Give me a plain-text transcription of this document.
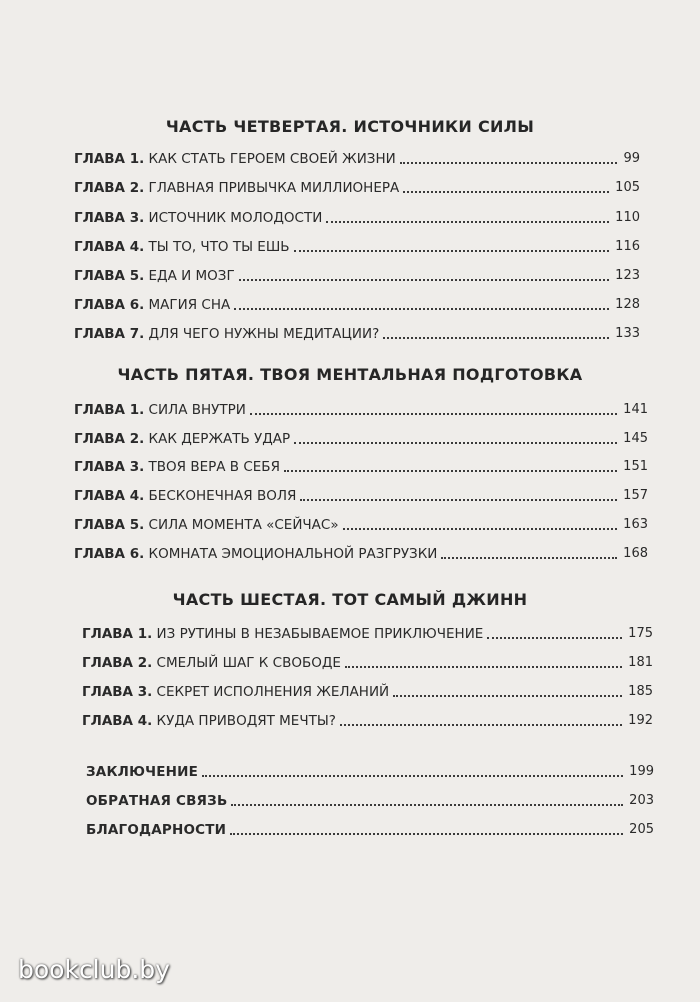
ЧАСТЬ ЧЕТВЕРТАЯ. ИСТОЧНИКИ СИЛЫ
ГЛАВА 1. КАК СТАТЬ ГЕРОЕМ СВОЕЙ ЖИЗНИ	99
ГЛАВА 2. ГЛАВНАЯ ПРИВЫЧКА МИЛЛИОНЕРА	105
ГЛАВА 3. ИСТОЧНИК МОЛОДОСТИ	110
ГЛАВА 4. ТЫ ТО, ЧТО ТЫ ЕШЬ	116
ГЛАВА 5. ЕДА И МОЗГ	123
ГЛАВА 6. МАГИЯ СНА	128
ГЛАВА 7. ДЛЯ ЧЕГО НУЖНЫ МЕДИТАЦИИ?	133
ЧАСТЬ ПЯТАЯ. ТВОЯ МЕНТАЛЬНАЯ ПОДГОТОВКА
ГЛАВА 1. СИЛА ВНУТРИ	141
ГЛАВА 2. КАК ДЕРЖАТЬ УДАР	145
ГЛАВА 3. ТВОЯ ВЕРА В СЕБЯ	151
ГЛАВА 4. БЕСКОНЕЧНАЯ ВОЛЯ	157
ГЛАВА 5. СИЛА МОМЕНТА «СЕЙЧАС»	163
ГЛАВА 6. КОМНАТА ЭМОЦИОНАЛЬНОЙ РАЗГРУЗКИ	168
ЧАСТЬ ШЕСТАЯ. ТОТ САМЫЙ ДЖИНН
ГЛАВА 1. ИЗ РУТИНЫ В НЕЗАБЫВАЕМОЕ ПРИКЛЮЧЕНИЕ	175
ГЛАВА 2. СМЕЛЫЙ ШАГ К СВОБОДЕ	181
ГЛАВА 3. СЕКРЕТ ИСПОЛНЕНИЯ ЖЕЛАНИЙ	185
ГЛАВА 4. КУДА ПРИВОДЯТ МЕЧТЫ?	192
ЗАКЛЮЧЕНИЕ	199
ОБРАТНАЯ СВЯЗЬ	203
БЛАГОДАРНОСТИ	205
bookclub.by
